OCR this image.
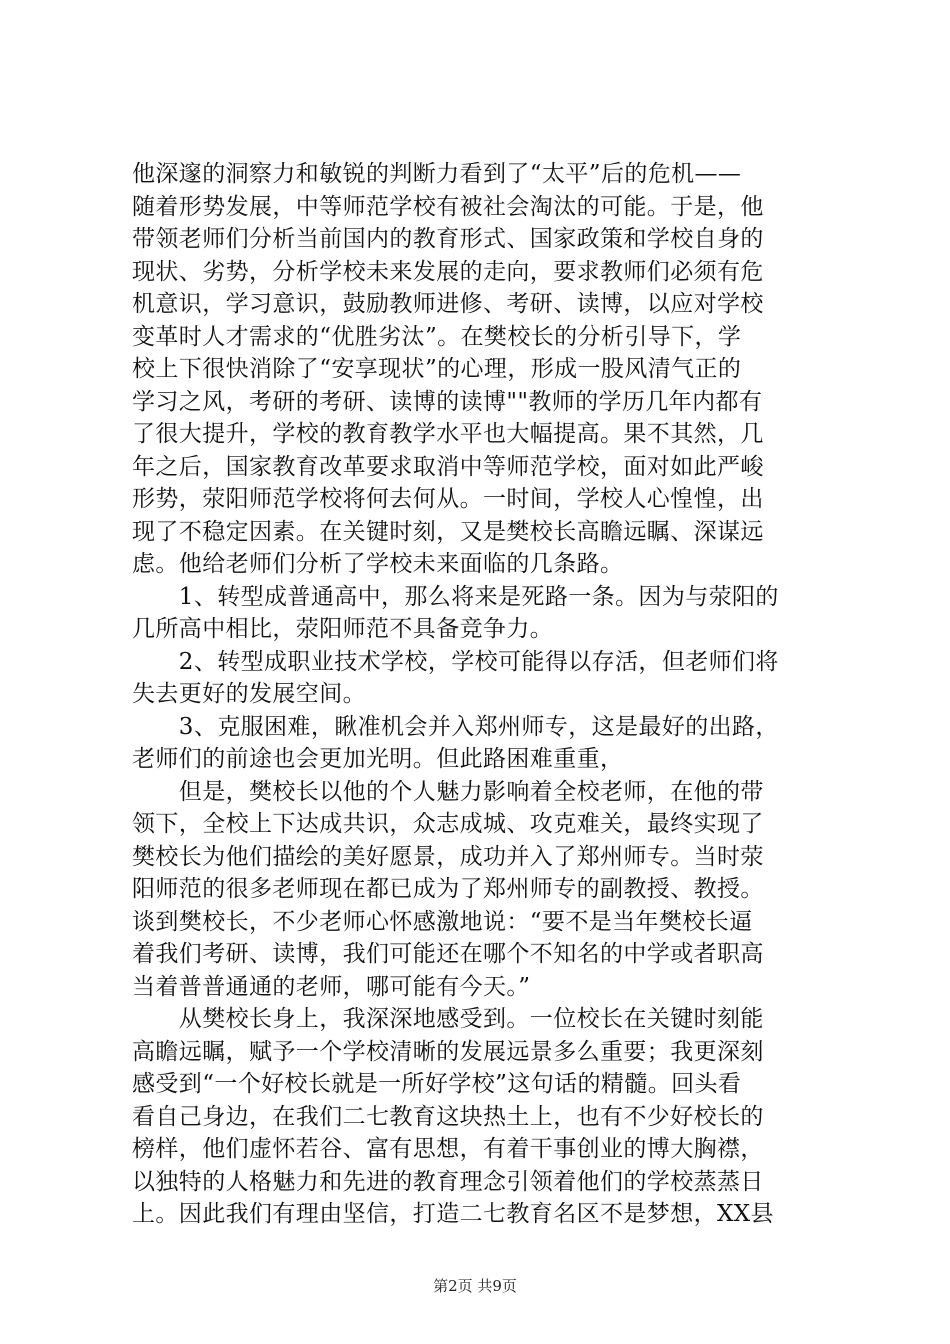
他深邃的洞察力和敏锐的判断力看到了“太平”后的危机——
随着形势发展，中等师范学校有被社会淘汰的可能。于是，他
带领老师们分析当前国内的教育形式、国家政策和学校自身的
现状、劣势，分析学校未来发展的走向，要求教师们必须有危
机意识，学习意识，鼓励教师进修、考研、读博，以应对学校
变革时人才需求的“优胜劣汰”。在樊校长的分析引导下，学
校上下很快消除了“安享现状”的心理，形成一股风清气正的
学习之风，考研的考研、读博的读博""教师的学历几年内都有
了很大提升，学校的教育教学水平也大幅提高。果不其然，几
年之后，国家教育改革要求取消中等师范学校，面对如此严峻
形势，荥阳师范学校将何去何从。一时间，学校人心惶惶，出
现了不稳定因素。在关键时刻，又是樊校长高瞻远瞩、深谋远
虑。他给老师们分析了学校未来面临的几条路。
　　1、转型成普通高中，那么将来是死路一条。因为与荥阳的
几所高中相比，荥阳师范不具备竞争力。
　　2、转型成职业技术学校，学校可能得以存活，但老师们将
失去更好的发展空间。
　　3、克服困难，瞅准机会并入郑州师专，这是最好的出路，
老师们的前途也会更加光明。但此路困难重重，
　　但是，樊校长以他的个人魅力影响着全校老师，在他的带
领下，全校上下达成共识，众志成城、攻克难关，最终实现了
樊校长为他们描绘的美好愿景，成功并入了郑州师专。当时荥
阳师范的很多老师现在都已成为了郑州师专的副教授、教授。
谈到樊校长，不少老师心怀感激地说：“要不是当年樊校长逼
着我们考研、读博，我们可能还在哪个不知名的中学或者职高
当着普普通通的老师，哪可能有今天。”
　　从樊校长身上，我深深地感受到。一位校长在关键时刻能
高瞻远瞩，赋予一个学校清晰的发展远景多么重要；我更深刻
感受到“一个好校长就是一所好学校”这句话的精髓。回头看
看自己身边，在我们二七教育这块热土上，也有不少好校长的
榜样，他们虚怀若谷、富有思想，有着干事创业的博大胸襟，
以独特的人格魅力和先进的教育理念引领着他们的学校蒸蒸日
上。因此我们有理由坚信，打造二七教育名区不是梦想，XX县
第2页 共9页
